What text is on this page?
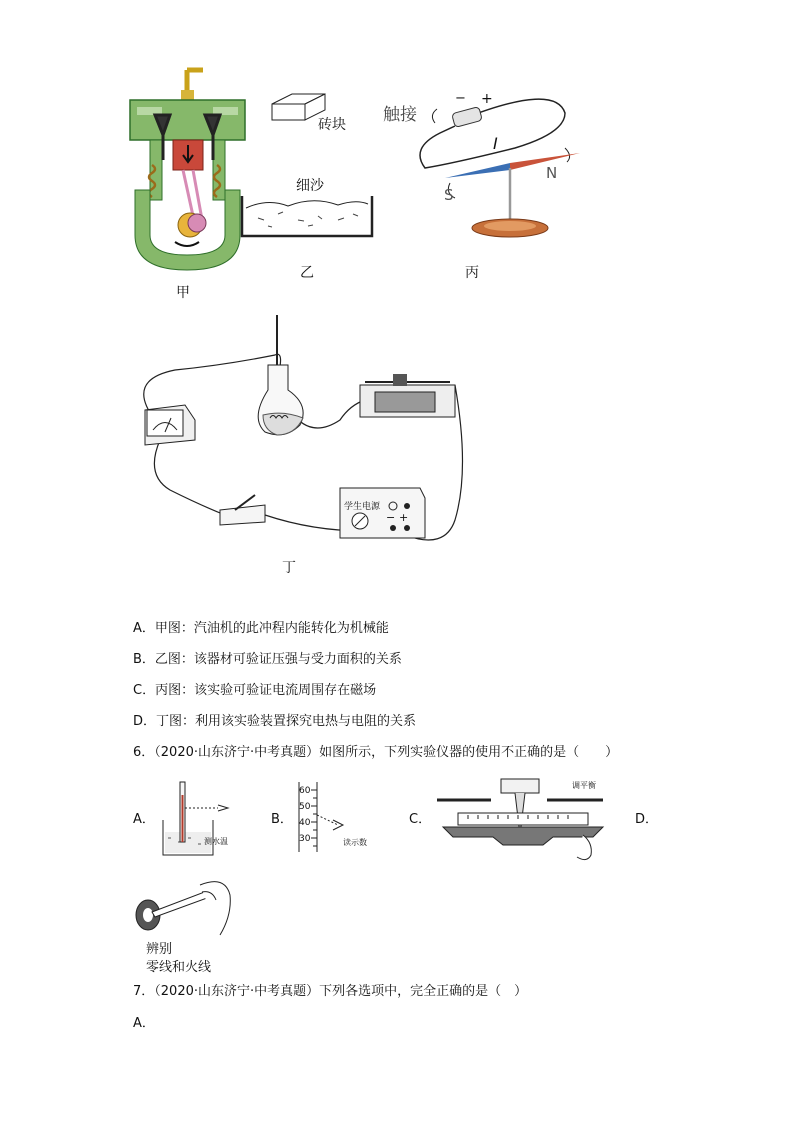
甲
砖块
细沙
乙
触接
− +
I
S
N
丙
学生电源
− +
丁
A．甲图：汽油机的此冲程内能转化为机械能
B．乙图：该器材可验证压强与受力面积的关系
C．丙图：该实验可验证电流周围存在磁场
D．丁图：利用该实验装置探究电热与电阻的关系
6．（2020·山东济宁·中考真题）如图所示，下列实验仪器的使用不正确的是（　　）
A．
测水温
B．
60
50
40
30	读示数
C．
调平衡
D．
辨别
零线和火线
7．（2020·山东济宁·中考真题）下列各选项中，完全正确的是（　）
A．
